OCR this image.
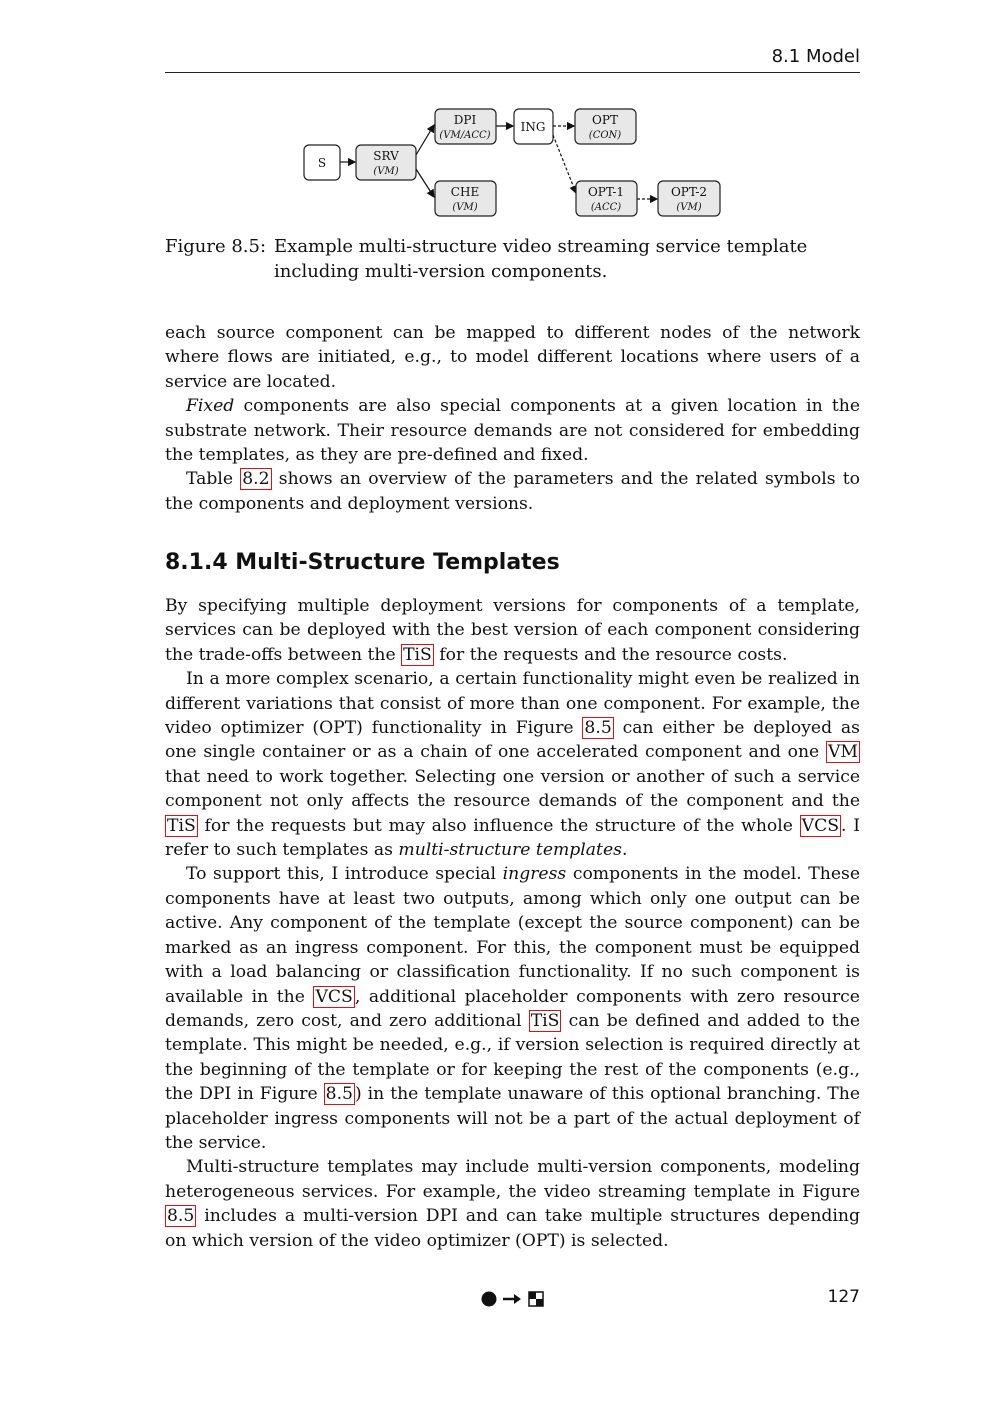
8.1 Model
S	SRV
(VM)
DPI
(VM/ACC)
CHE
(VM)
ING	OPT
(CON)
OPT-1
(ACC)
OPT-2
(VM)
Figure 8.5: Example multi-structure video streaming service template including multi-version components.

each source component can be mapped to different nodes of the network where flows are initiated, e.g., to model different locations where users of a service are located.

Fixed components are also special components at a given location in the substrate network. Their resource demands are not considered for embedding the templates, as they are pre-defined and fixed.

Table 8.2 shows an overview of the parameters and the related symbols to the components and deployment versions.

8.1.4 Multi-Structure Templates

By specifying multiple deployment versions for components of a template, services can be deployed with the best version of each component considering the trade-offs between the TiS for the requests and the resource costs.

In a more complex scenario, a certain functionality might even be realized in different variations that consist of more than one component. For example, the video optimizer (OPT) functionality in Figure 8.5 can either be deployed as one single container or as a chain of one accelerated component and one VM that need to work together. Selecting one version or another of such a service component not only affects the resource demands of the component and the TiS for the requests but may also influence the structure of the whole VCS . I refer to such templates as multi-structure templates.

To support this, I introduce special ingress components in the model. These components have at least two outputs, among which only one output can be active. Any component of the template (except the source component) can be marked as an ingress component. For this, the component must be equipped with a load balancing or classification functionality. If no such component is available in the VCS , additional placeholder components with zero resource demands, zero cost, and zero additional TiS can be defined and added to the template. This might be needed, e.g., if version selection is required directly at the beginning of the template or for keeping the rest of the components (e.g., the DPI in Figure 8.5 ) in the template unaware of this optional branching. The placeholder ingress components will not be a part of the actual deployment of the service.

Multi-structure templates may include multi-version components, modeling heterogeneous services. For example, the video streaming template in Figure 8.5 includes a multi-version DPI and can take multiple structures depending on which version of the video optimizer (OPT) is selected.

127
